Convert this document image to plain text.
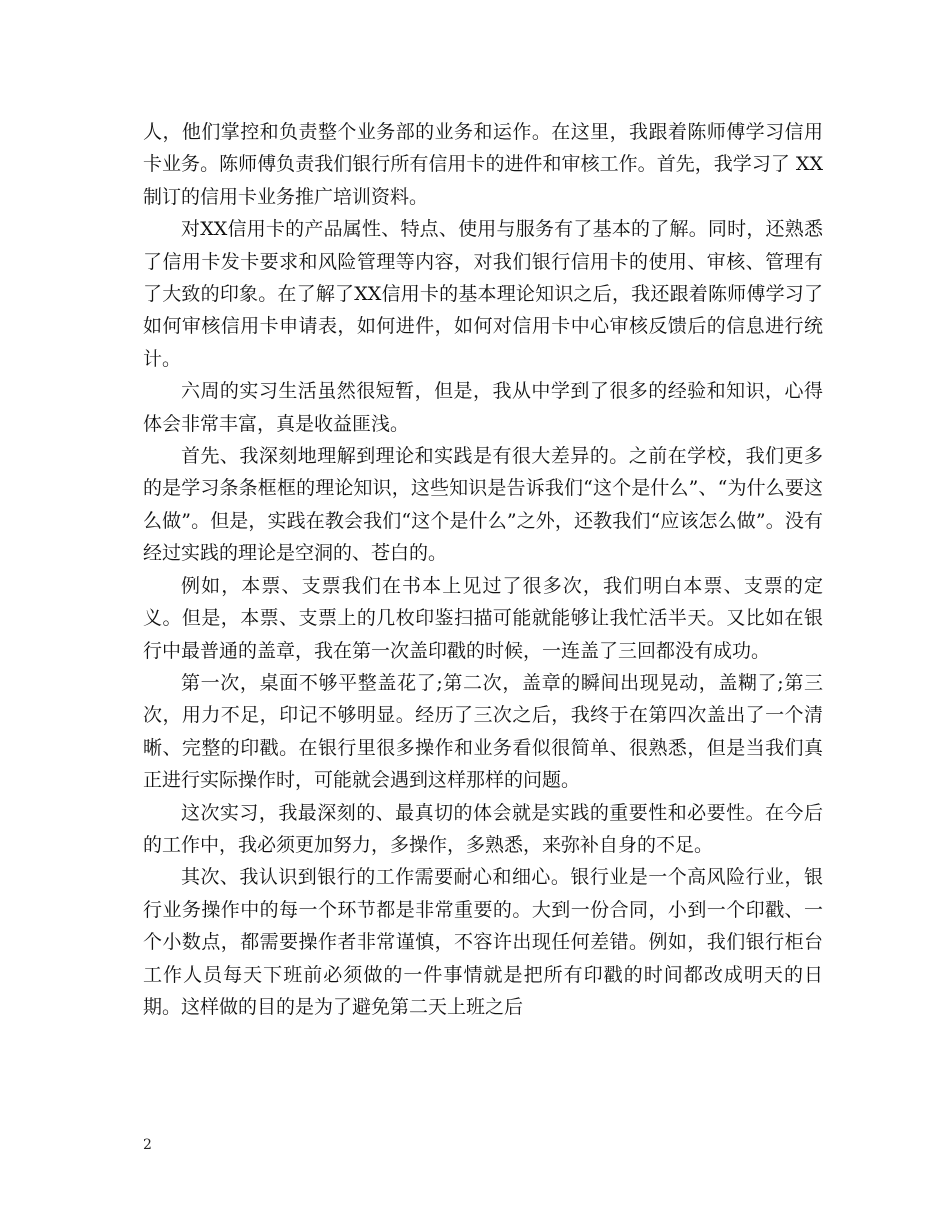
人，他们掌控和负责整个业务部的业务和运作。在这里，我跟着陈师傅学习信用卡业务。陈师傅负责我们银行所有信用卡的进件和审核工作。首先，我学习了 XX 制订的信用卡业务推广培训资料。

对XX信用卡的产品属性、特点、使用与服务有了基本的了解。同时，还熟悉了信用卡发卡要求和风险管理等内容，对我们银行信用卡的使用、审核、管理有了大致的印象。在了解了XX信用卡的基本理论知识之后，我还跟着陈师傅学习了如何审核信用卡申请表，如何进件，如何对信用卡中心审核反馈后的信息进行统计。

六周的实习生活虽然很短暂，但是，我从中学到了很多的经验和知识，心得体会非常丰富，真是收益匪浅。

首先、我深刻地理解到理论和实践是有很大差异的。之前在学校，我们更多的是学习条条框框的理论知识，这些知识是告诉我们“这个是什么”、“为什么要这么做”。但是，实践在教会我们“这个是什么”之外，还教我们“应该怎么做”。没有经过实践的理论是空洞的、苍白的。

例如，本票、支票我们在书本上见过了很多次，我们明白本票、支票的定义。但是，本票、支票上的几枚印鉴扫描可能就能够让我忙活半天。又比如在银行中最普通的盖章，我在第一次盖印戳的时候，一连盖了三回都没有成功。

第一次，桌面不够平整盖花了;第二次，盖章的瞬间出现晃动，盖糊了;第三次，用力不足，印记不够明显。经历了三次之后，我终于在第四次盖出了一个清晰、完整的印戳。在银行里很多操作和业务看似很简单、很熟悉，但是当我们真正进行实际操作时，可能就会遇到这样那样的问题。

这次实习，我最深刻的、最真切的体会就是实践的重要性和必要性。在今后的工作中，我必须更加努力，多操作，多熟悉，来弥补自身的不足。

其次、我认识到银行的工作需要耐心和细心。银行业是一个高风险行业，银行业务操作中的每一个环节都是非常重要的。大到一份合同，小到一个印戳、一个小数点，都需要操作者非常谨慎，不容许出现任何差错。例如，我们银行柜台工作人员每天下班前必须做的一件事情就是把所有印戳的时间都改成明天的日期。这样做的目的是为了避免第二天上班之后

2
